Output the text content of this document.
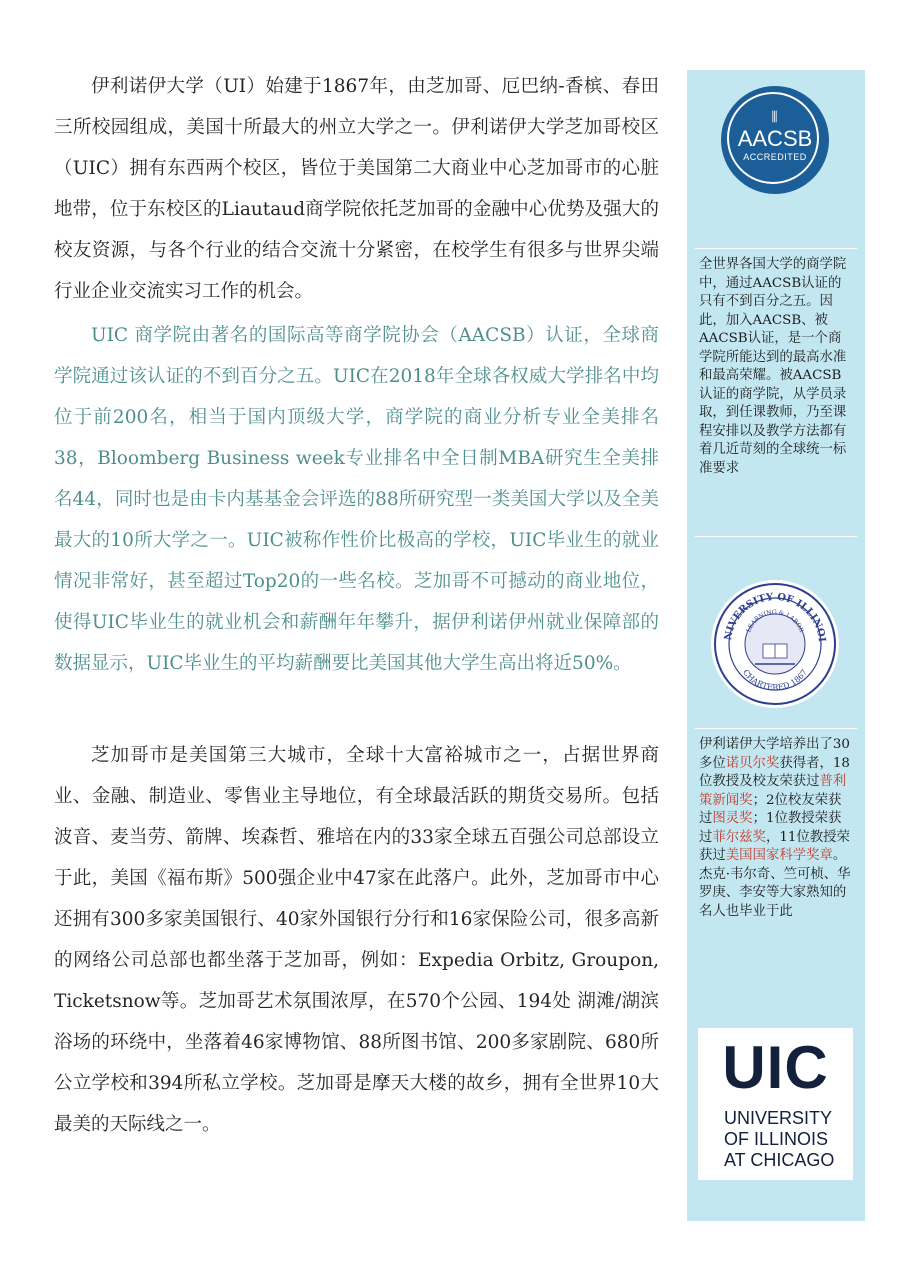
伊利诺伊大学（UI）始建于1867年，由芝加哥、厄巴纳-香槟、春田三所校园组成，美国十所最大的州立大学之一。伊利诺伊大学芝加哥校区（UIC）拥有东西两个校区，皆位于美国第二大商业中心芝加哥市的心脏地带，位于东校区的Liautaud商学院依托芝加哥的金融中心优势及强大的校友资源，与各个行业的结合交流十分紧密，在校学生有很多与世界尖端行业企业交流实习工作的机会。

UIC 商学院由著名的国际高等商学院协会（AACSB）认证，全球商学院通过该认证的不到百分之五。UIC在2018年全球各权威大学排名中均位于前200名，相当于国内顶级大学，商学院的商业分析专业全美排名38，Bloomberg Business week专业排名中全日制MBA研究生全美排名44，同时也是由卡内基基金会评选的88所研究型一类美国大学以及全美最大的10所大学之一。UIC被称作性价比极高的学校，UIC毕业生的就业情况非常好，甚至超过Top20的一些名校。芝加哥不可撼动的商业地位，使得UIC毕业生的就业机会和薪酬年年攀升，据伊利诺伊州就业保障部的数据显示，UIC毕业生的平均薪酬要比美国其他大学生高出将近50%。

芝加哥市是美国第三大城市，全球十大富裕城市之一，占据世界商业、金融、制造业、零售业主导地位，有全球最活跃的期货交易所。包括波音、麦当劳、箭牌、埃森哲、雅培在内的33家全球五百强公司总部设立于此，美国《福布斯》500强企业中47家在此落户。此外，芝加哥市中心还拥有300多家美国银行、40家外国银行分行和16家保险公司，很多高新的网络公司总部也都坐落于芝加哥，例如：Expedia Orbitz, Groupon, Ticketsnow等。芝加哥艺术氛围浓厚，在570个公园、194处 湖滩/湖滨浴场的环绕中，坐落着46家博物馆、88所图书馆、200多家剧院、680所公立学校和394所私立学校。芝加哥是摩天大楼的故乡，拥有全世界10大最美的天际线之一。

⫼
AACSB
ACCREDITED

全世界各国大学的商学院中，通过AACSB认证的只有不到百分之五。因此，加入AACSB、被AACSB认证，是一个商学院所能达到的最高水准和最高荣耀。被AACSB认证的商学院，从学员录取，到任课教师，乃至课程安排以及教学方法都有着几近苛刻的全球统一标准要求

NIVERSITY OF ILLINOI
CHARTERED 1867
LEARNING & LABOR

伊利诺伊大学培养出了30多位诺贝尔奖获得者，18位教授及校友荣获过普利策新闻奖；2位校友荣获过图灵奖；1位教授荣获过菲尔兹奖，11位教授荣获过美国国家科学奖章。杰克·韦尔奇、竺可桢、华罗庚、李安等大家熟知的名人也毕业于此

UIC
UNIVERSITY
OF ILLINOIS
AT CHICAGO
